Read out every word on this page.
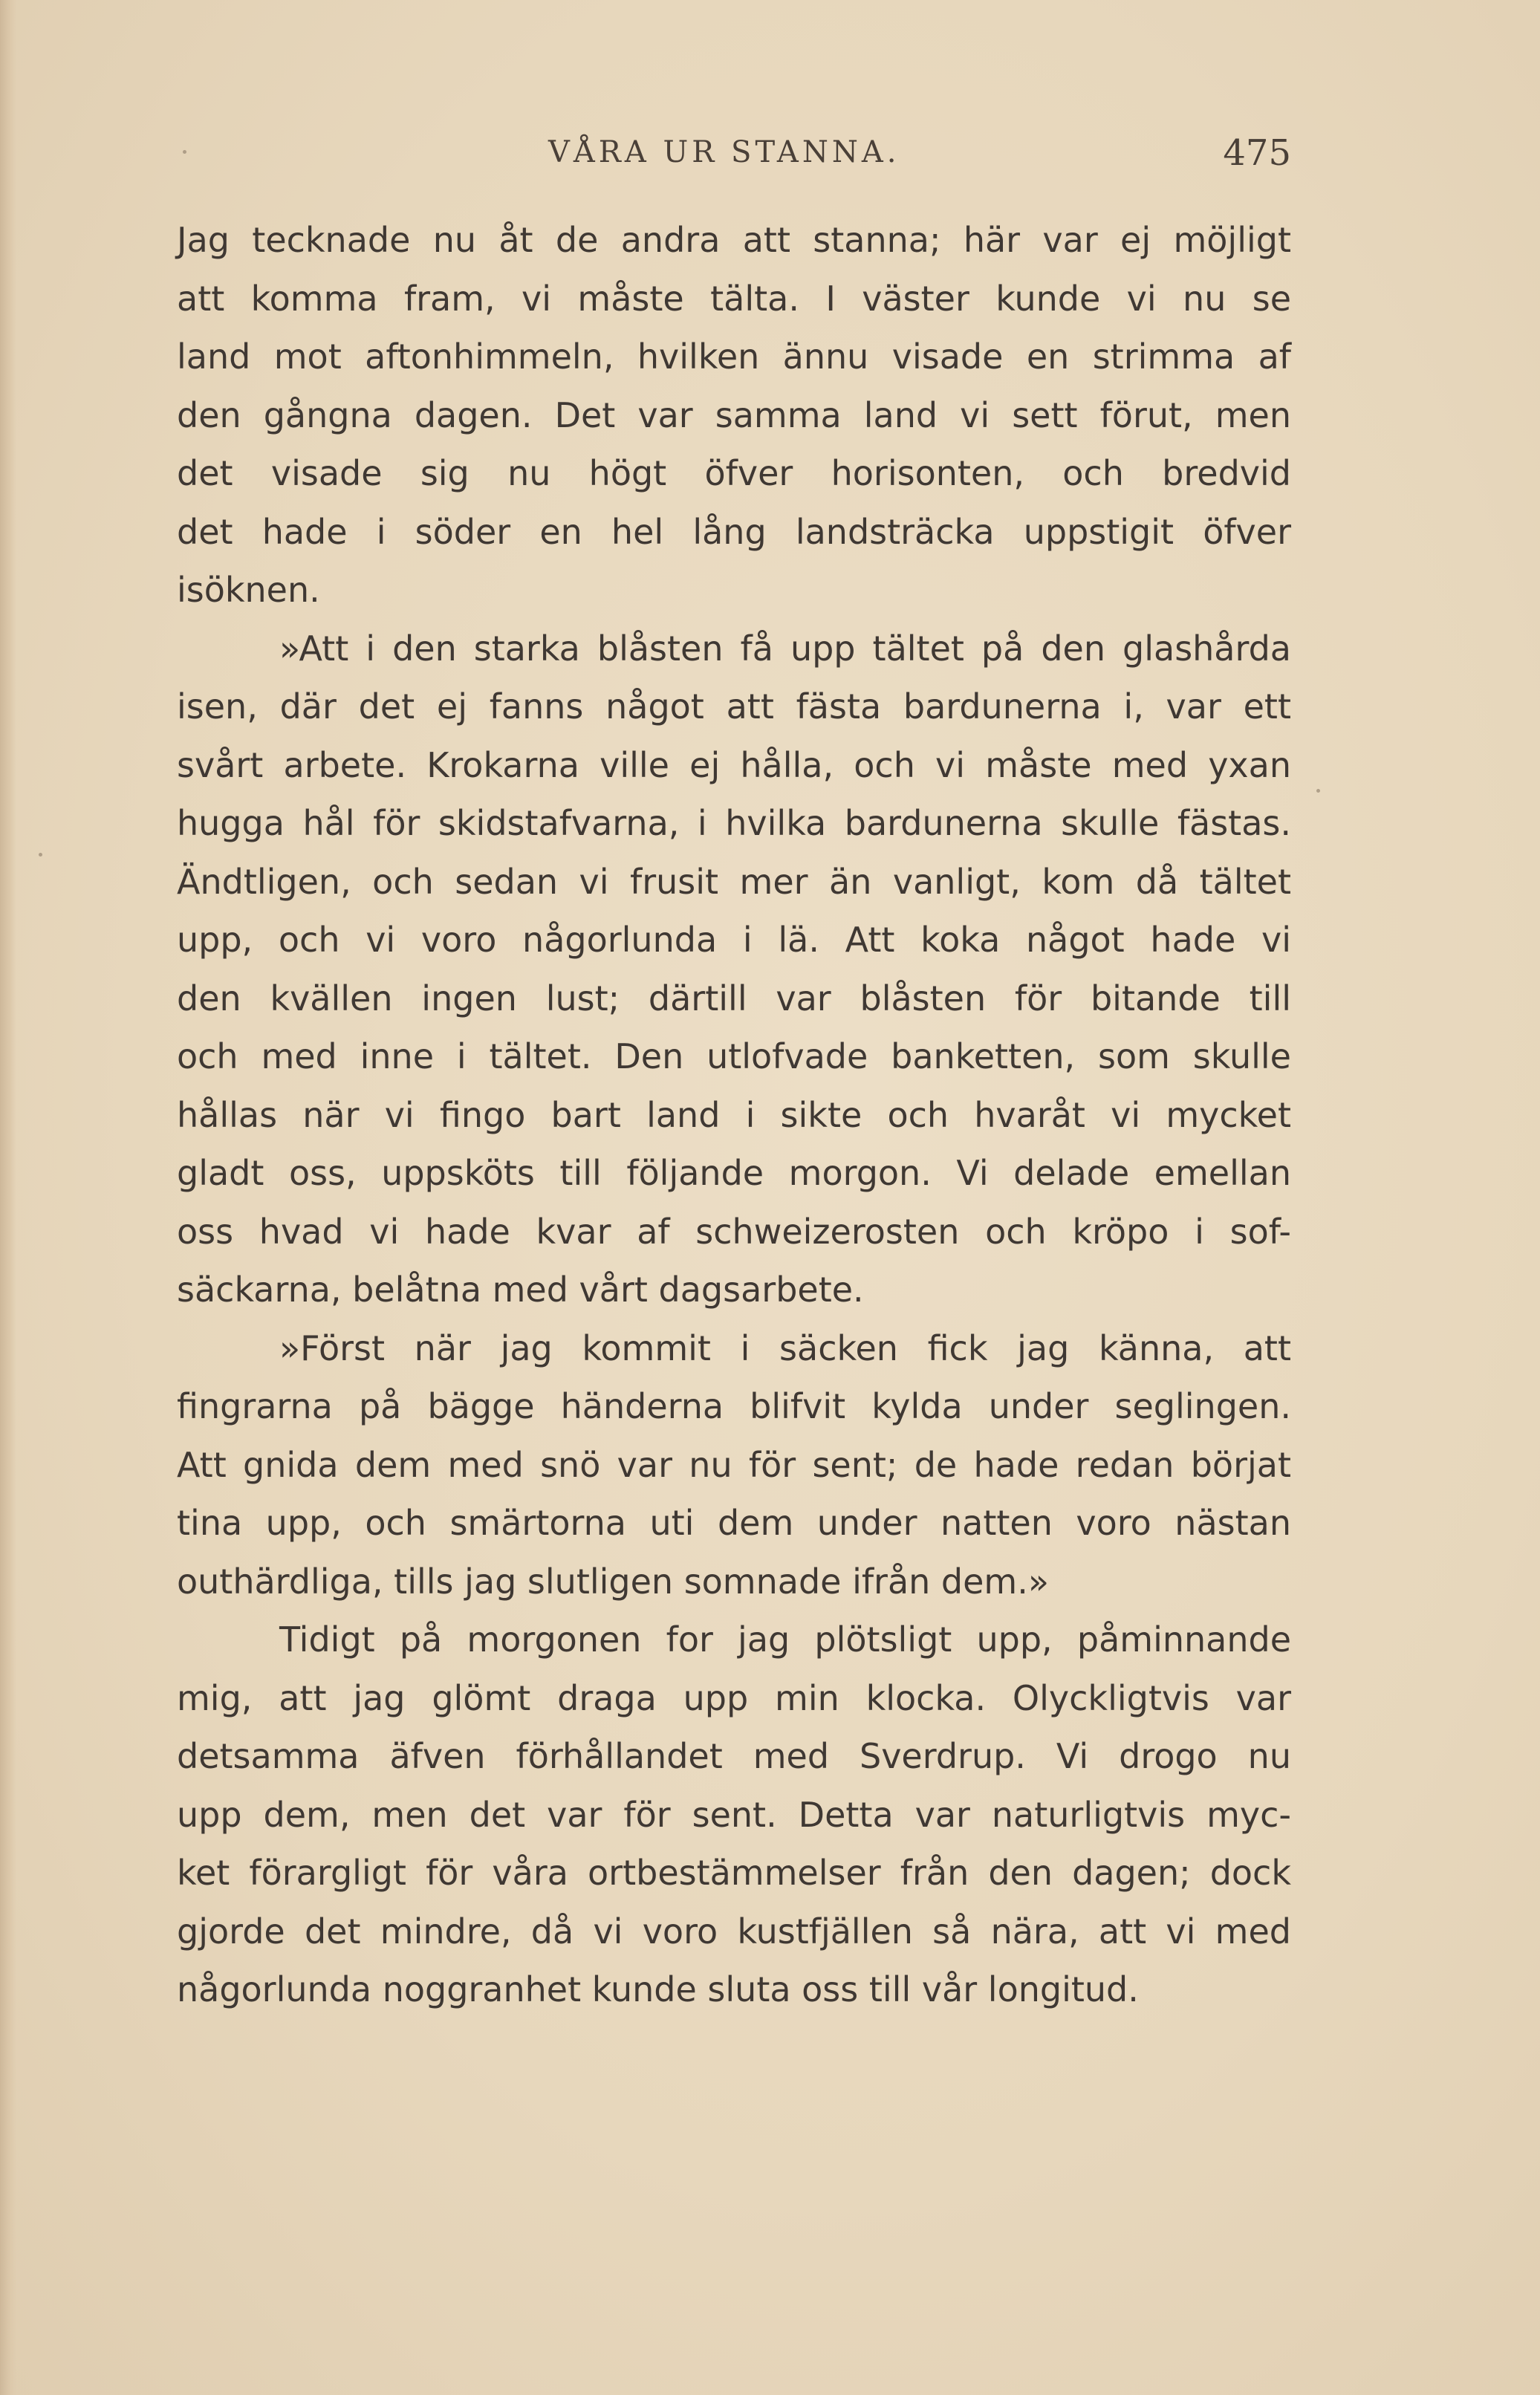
VÅRA UR STANNA.	475

Jag tecknade nu åt de andra att stanna; här var ej möjligt
att komma fram, vi måste tälta. I väster kunde vi nu se
land mot aftonhimmeln, hvilken ännu visade en strimma af
den gångna dagen. Det var samma land vi sett förut, men
det visade sig nu högt öfver horisonten, och bredvid
det hade i söder en hel lång landsträcka uppstigit öfver
isöknen.

»Att i den starka blåsten få upp tältet på den glashårda
isen, där det ej fanns något att fästa bardunerna i, var ett
svårt arbete. Krokarna ville ej hålla, och vi måste med yxan
hugga hål för skidstafvarna, i hvilka bardunerna skulle fästas.
Ändtligen, och sedan vi frusit mer än vanligt, kom då tältet
upp, och vi voro någorlunda i lä. Att koka något hade vi
den kvällen ingen lust; därtill var blåsten för bitande till
och med inne i tältet. Den utlofvade banketten, som skulle
hållas när vi fingo bart land i sikte och hvaråt vi mycket
gladt oss, uppsköts till följande morgon. Vi delade emellan
oss hvad vi hade kvar af schweizerosten och kröpo i sof-
säckarna, belåtna med vårt dagsarbete.

»Först när jag kommit i säcken fick jag känna, att
fingrarna på bägge händerna blifvit kylda under seglingen.
Att gnida dem med snö var nu för sent; de hade redan börjat
tina upp, och smärtorna uti dem under natten voro nästan
outhärdliga, tills jag slutligen somnade ifrån dem.»

Tidigt på morgonen for jag plötsligt upp, påminnande
mig, att jag glömt draga upp min klocka. Olyckligtvis var
detsamma äfven förhållandet med Sverdrup. Vi drogo nu
upp dem, men det var för sent. Detta var naturligtvis myc-
ket förargligt för våra ortbestämmelser från den dagen; dock
gjorde det mindre, då vi voro kustfjällen så nära, att vi med
någorlunda noggranhet kunde sluta oss till vår longitud.
